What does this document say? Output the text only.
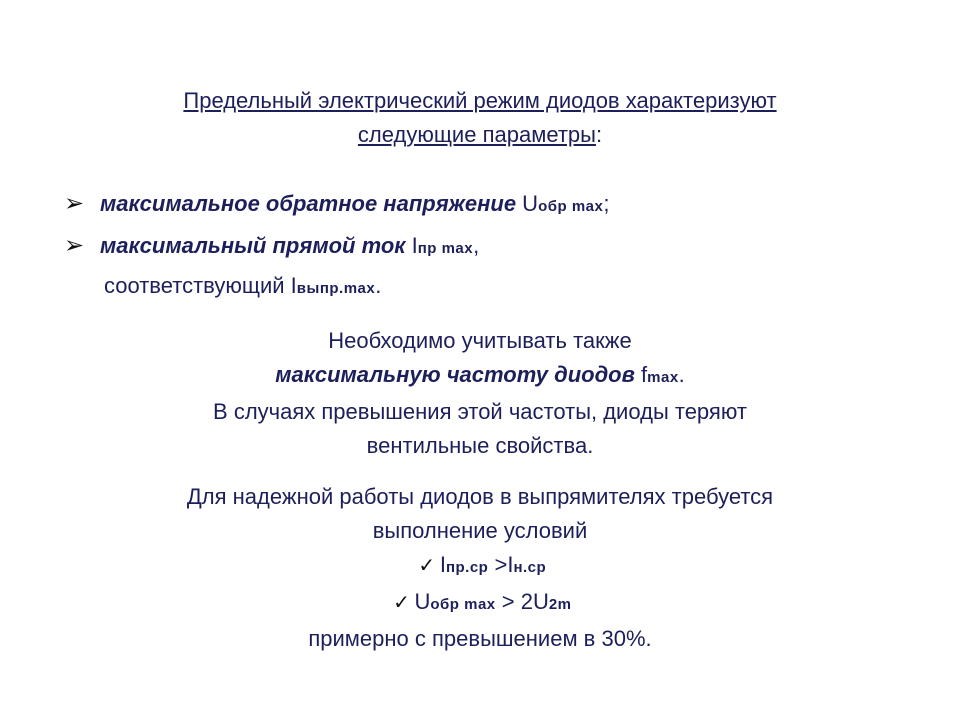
Предельный электрический режим диодов характеризуют
следующие параметры:
➢ максимальное обратное напряжение Uобр max;
➢ максимальный прямой ток Iпр max,
соответствующий Iвыпр.max.
Необходимо учитывать также
максимальную частоту диодов fmax.
В случаях превышения этой частоты, диоды теряют
вентильные свойства.
Для надежной работы диодов в выпрямителях требуется
выполнение условий
✓ Iпр.ср >Iн.ср
✓ Uобр max > 2U2m
примерно с превышением в 30%.
